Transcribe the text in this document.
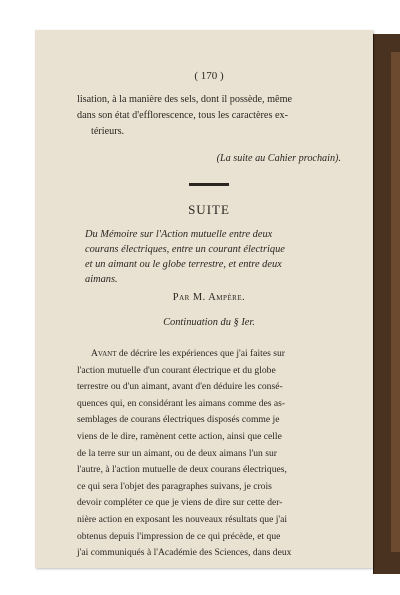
( 170 )
lisation, à la manière des sels, dont il possède, même
dans son état d'efflorescence, tous les caractères ex-
térieurs.
(La suite au Cahier prochain).
SUITE
Du Mémoire sur l'Action mutuelle entre deux
courans électriques, entre un courant électrique
et un aimant ou le globe terrestre, et entre deux
aimans.
Par M. Ampère.
Continuation du § Ier.
Avant de décrire les expériences que j'ai faites sur
l'action mutuelle d'un courant électrique et du globe
terrestre ou d'un aimant, avant d'en déduire les consé-
quences qui, en considérant les aimans comme des as-
semblages de courans électriques disposés comme je
viens de le dire, ramènent cette action, ainsi que celle
de la terre sur un aimant, ou de deux aimans l'un sur
l'autre, à l'action mutuelle de deux courans électriques,
ce qui sera l'objet des paragraphes suivans, je crois
devoir compléter ce que je viens de dire sur cette der-
nière action en exposant les nouveaux résultats que j'ai
obtenus depuis l'impression de ce qui précède, et que
j'ai communiqués à l'Académie des Sciences, dans deux
